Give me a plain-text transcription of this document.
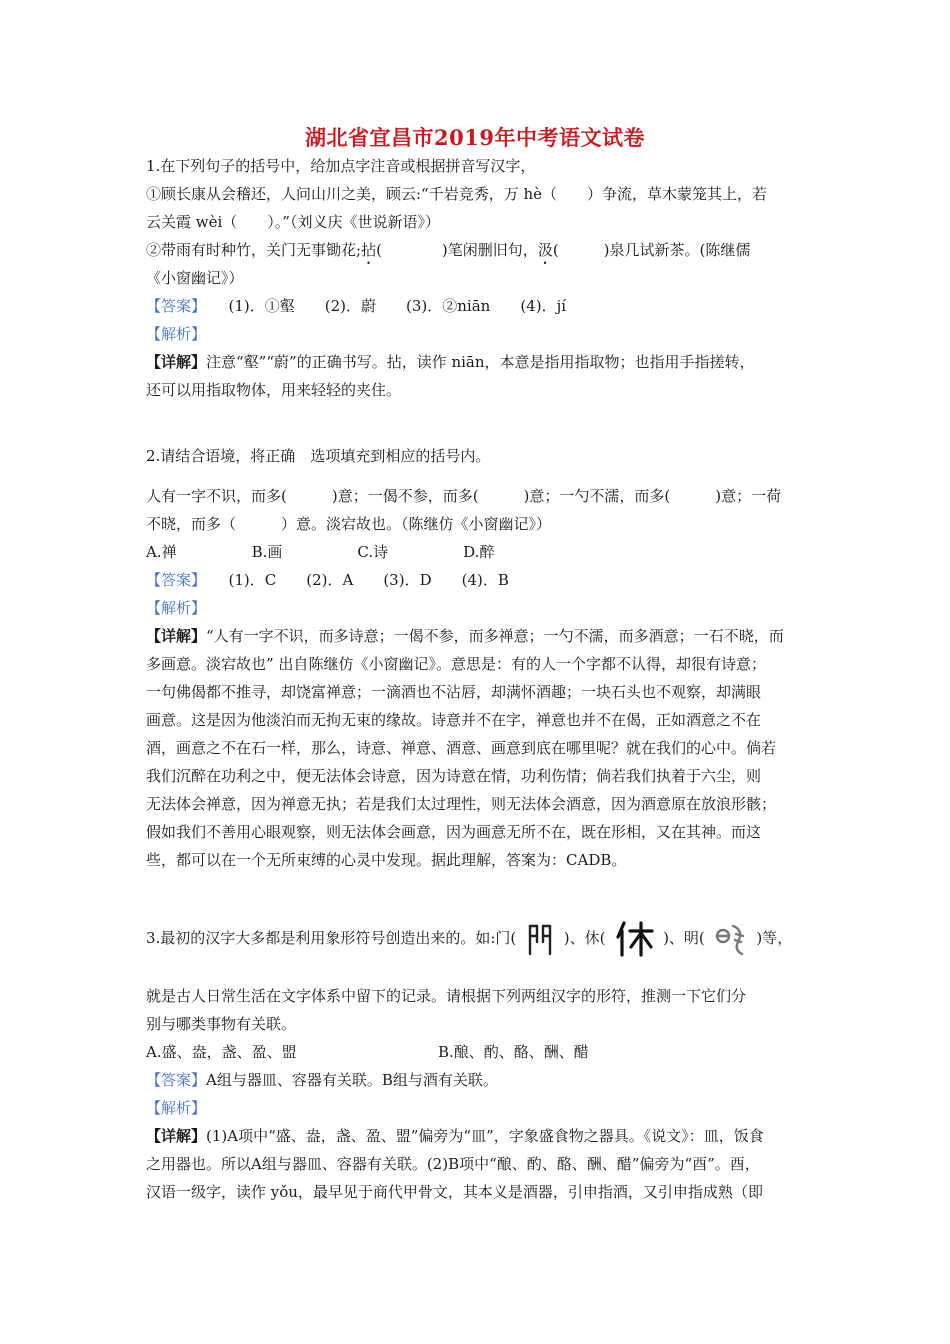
湖北省宜昌市2019年中考语文试卷
1.在下列句子的括号中，给加点字注音或根据拼音写汉字，
①顾长康从会稽还，人问山川之美，顾云:“千岩竞秀，万 hè（　　）争流，草木蒙笼其上，若
云关霞 wèi（　　）。”（刘义庆《世说新语》）
②带雨有时种竹，关门无事锄花;拈(　　　　)笔闲删旧句，汲(　　　)泉几试新茶。(陈继儒
《小窗幽记》）
【答案】　　(1)．①壑　　(2)．蔚　　(3)．②niān　　(4)．jí
【解析】
【详解】注意“壑”“蔚”的正确书写。拈，读作 niān，本意是指用指取物；也指用手指搓转，
还可以用指取物体，用来轻轻的夹住。
2.请结合语境，将正确　选项填充到相应的括号内。
人有一字不识，而多(　　　)意；一偈不参，而多(　　　)意；一勺不濡，而多(　　　)意；一荷
不晓，而多（　　　）意。淡宕故也。（陈继仿《小窗幽记》）
A.禅　　　　　B.画　　　　　C.诗　　　　　D.醉
【答案】　　(1)．C　　(2)．A　　(3)．D　　(4)．B
【解析】
【详解】“人有一字不识，而多诗意；一偈不参，而多禅意；一勺不濡，而多酒意；一石不晓，而
多画意。淡宕故也” 出自陈继仿《小窗幽记》。意思是：有的人一个字都不认得，却很有诗意；
一句佛偈都不推寻，却饶富禅意；一滴酒也不沾唇，却满怀酒趣；一块石头也不观察，却满眼
画意。这是因为他淡泊而无拘无束的缘故。诗意并不在字，禅意也并不在偈，正如酒意之不在
酒，画意之不在石一样，那么，诗意、禅意、酒意、画意到底在哪里呢？就在我们的心中。倘若
我们沉醉在功利之中，便无法体会诗意，因为诗意在情，功利伤情；倘若我们执着于六尘，则
无法体会禅意，因为禅意无执；若是我们太过理性，则无法体会酒意，因为酒意原在放浪形骸；
假如我们不善用心眼观察，则无法体会画意，因为画意无所不在，既在形相，又在其神。而这
些，都可以在一个无所束缚的心灵中发现。据此理解，答案为：CADB。
3.最初的汉字大多都是利用象形符号创造出来的。如:门(	)、休(	)、明(	)等，
就是古人日常生活在文字体系中留下的记录。请根据下列两组汉字的形符，推测一下它们分
别与哪类事物有关联。
A.盛、盎，盏、盈、盟	B.酿、酌、酪、酬、醋
【答案】A组与器皿、容器有关联。B组与酒有关联。
【解析】
【详解】(1)A项中“盛、盎，盏、盈、盟”偏旁为“皿”，字象盛食物之器具。《说文》：皿，饭食
之用器也。所以A组与器皿、容器有关联。(2)B项中“酿、酌、酪、酬、醋”偏旁为“酉”。酉，
汉语一级字，读作 yǒu，最早见于商代甲骨文，其本义是酒器，引申指酒，又引申指成熟（即
